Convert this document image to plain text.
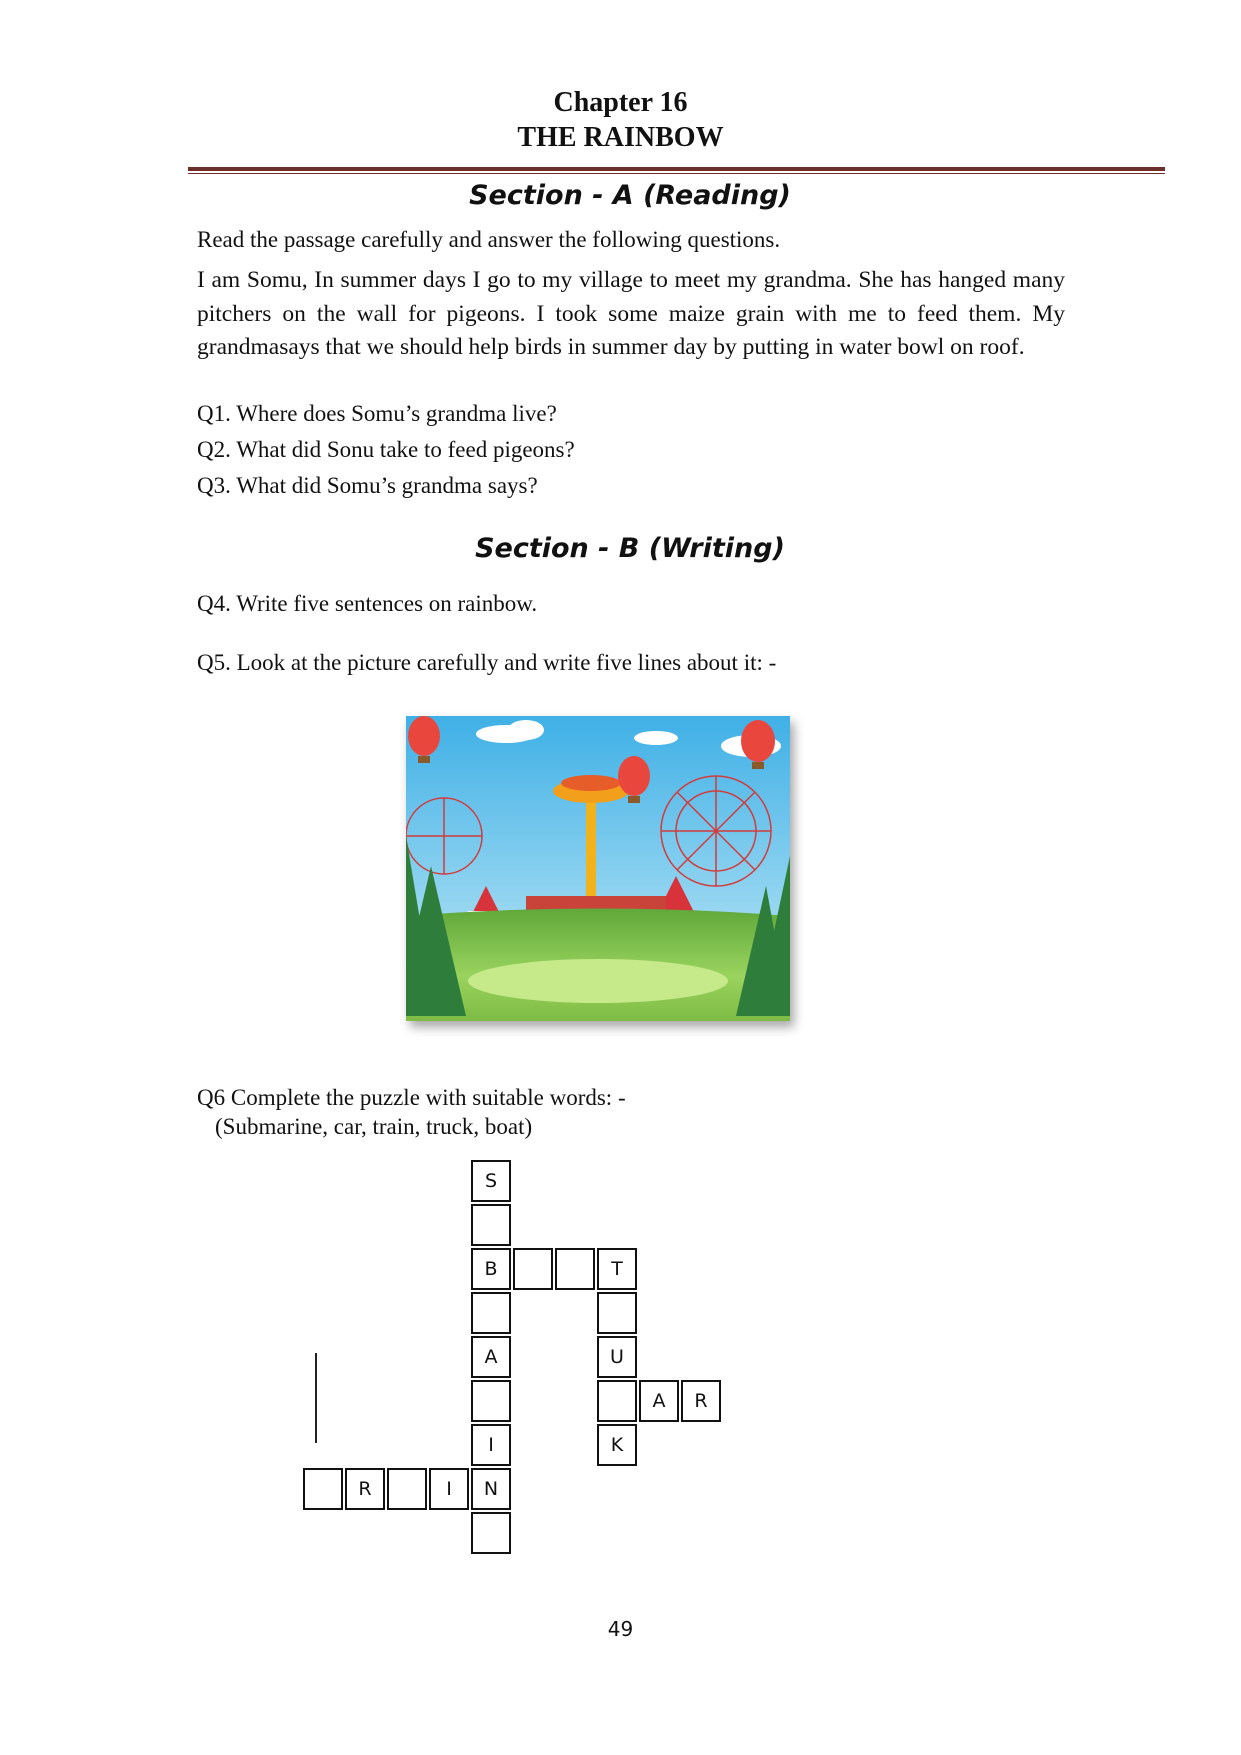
Chapter 16
THE RAINBOW
Section - A (Reading)
Read the passage carefully and answer the following questions.
I am Somu, In summer days I go to my village to meet my grandma. She has hanged many pitchers on the wall for pigeons. I took some maize grain with me to feed them. My grandmasays that we should help birds in summer day by putting in water bowl on roof.
Q1. Where does Somu’s grandma live?
Q2. What did Sonu take to feed pigeons?
Q3. What did Somu’s grandma says?
Section - B (Writing)
Q4. Write five sentences on rainbow.
Q5. Look at the picture carefully and write five lines about it: -
Q6 Complete the puzzle with suitable words: -
(Submarine, car, train, truck, boat)
S
B
A
I
N
T
U
K
A	R
R	I
49
